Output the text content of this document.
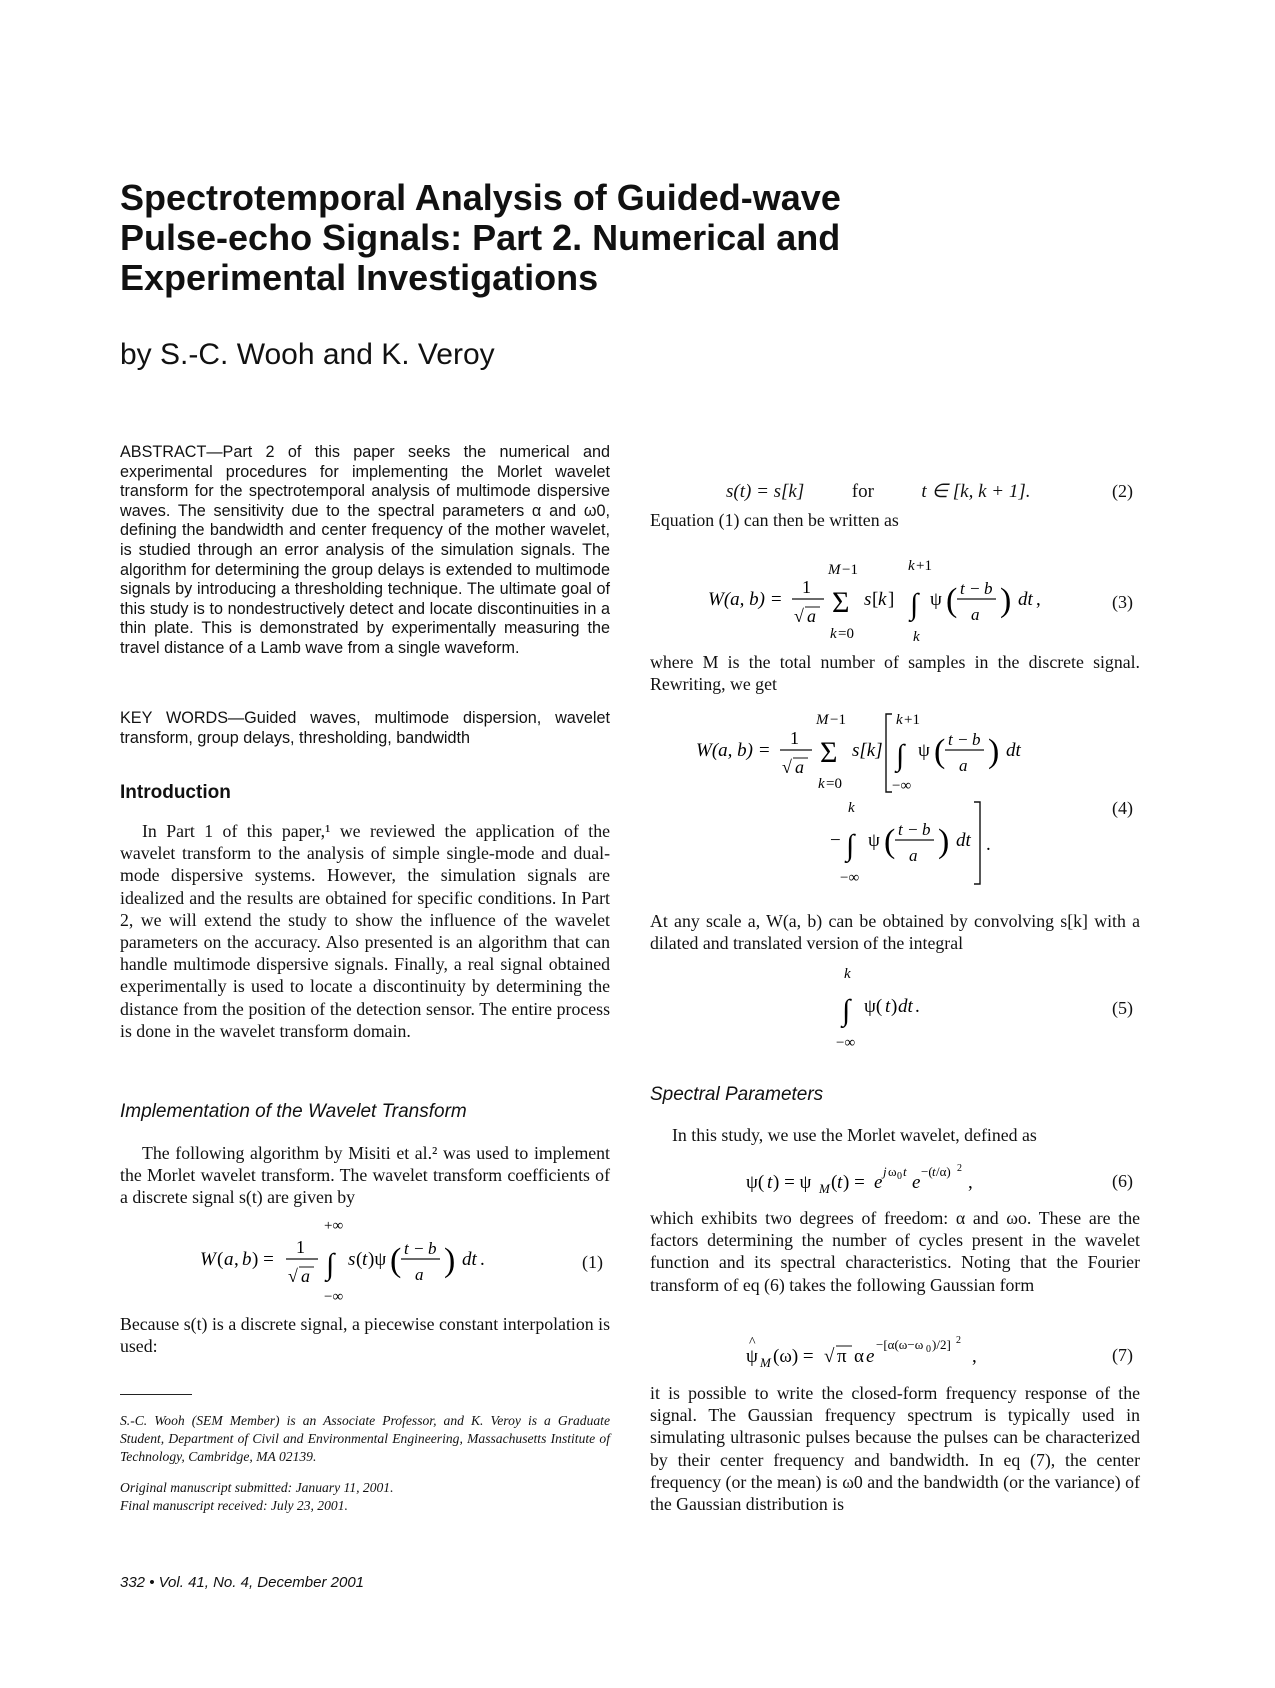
Spectrotemporal Analysis of Guided-wave
Pulse-echo Signals: Part 2. Numerical and
Experimental Investigations
by S.-C. Wooh and K. Veroy
ABSTRACT—Part 2 of this paper seeks the numerical and experimental procedures for implementing the Morlet wavelet transform for the spectrotemporal analysis of multimode dispersive waves. The sensitivity due to the spectral parameters α and ω0, defining the bandwidth and center frequency of the mother wavelet, is studied through an error analysis of the simulation signals. The algorithm for determining the group delays is extended to multimode signals by introducing a thresholding technique. The ultimate goal of this study is to nondestructively detect and locate discontinuities in a thin plate. This is demonstrated by experimentally measuring the travel distance of a Lamb wave from a single waveform.
KEY WORDS—Guided waves, multimode dispersion, wavelet transform, group delays, thresholding, bandwidth
Introduction
In Part 1 of this paper,¹ we reviewed the application of the wavelet transform to the analysis of simple single-mode and dual-mode dispersive systems. However, the simulation signals are idealized and the results are obtained for specific conditions. In Part 2, we will extend the study to show the influence of the wavelet parameters on the accuracy. Also presented is an algorithm that can handle multimode dispersive signals. Finally, a real signal obtained experimentally is used to locate a discontinuity by determining the distance from the position of the detection sensor. The entire process is done in the wavelet transform domain.
Implementation of the Wavelet Transform
The following algorithm by Misiti et al.² was used to implement the Morlet wavelet transform. The wavelet transform coefficients of a discrete signal s(t) are given by
W ( a , b ) =
1
√ a
+∞
∫
−∞
s ( t )ψ ( t − b
a ) dt .	(1)
Because s(t) is a discrete signal, a piecewise constant interpolation is used:
S.-C. Wooh (SEM Member) is an Associate Professor, and K. Veroy is a Graduate Student, Department of Civil and Environmental Engineering, Massachusetts Institute of Technology, Cambridge, MA 02139.
Original manuscript submitted: January 11, 2001.
Final manuscript received: July 23, 2001.
332 • Vol. 41, No. 4, December 2001
s(t) = s[k]	for	t ∈ [k, k + 1].	(2)
Equation (1) can then be written as
W(a, b) =
1
√ a
M −1
Σ
k =0
s [ k ]
k +1
∫
k
ψ ( t − b
a ) dt ,	(3)
where M is the total number of samples in the discrete signal. Rewriting, we get
W(a, b) =
1
√ a
M −1
Σ
k =0
s[k]
k +1
∫
−∞
ψ ( t − b
a ) dt
−
k
∫
−∞
ψ ( t − b
a ) dt .
(4)
At any scale a, W(a, b) can be obtained by convolving s[k] with a dilated and translated version of the integral
k
∫
−∞
ψ( t ) dt .	(5)
Spectral Parameters
In this study, we use the Morlet wavelet, defined as
ψ( t ) = ψ M ( t ) = e
j ω 0 t
e
−( t /α) 2
,	(6)
which exhibits two degrees of freedom: α and ωo. These are the factors determining the number of cycles present in the wavelet function and its spectral characteristics. Noting that the Fourier transform of eq (6) takes the following Gaussian form
ψ
^
M (ω) = √ π α e
−[α(ω−ω 0 )/2] 2
,	(7)
it is possible to write the closed-form frequency response of the signal. The Gaussian frequency spectrum is typically used in simulating ultrasonic pulses because the pulses can be characterized by their center frequency and bandwidth. In eq (7), the center frequency (or the mean) is ω0 and the bandwidth (or the variance) of the Gaussian distribution is
